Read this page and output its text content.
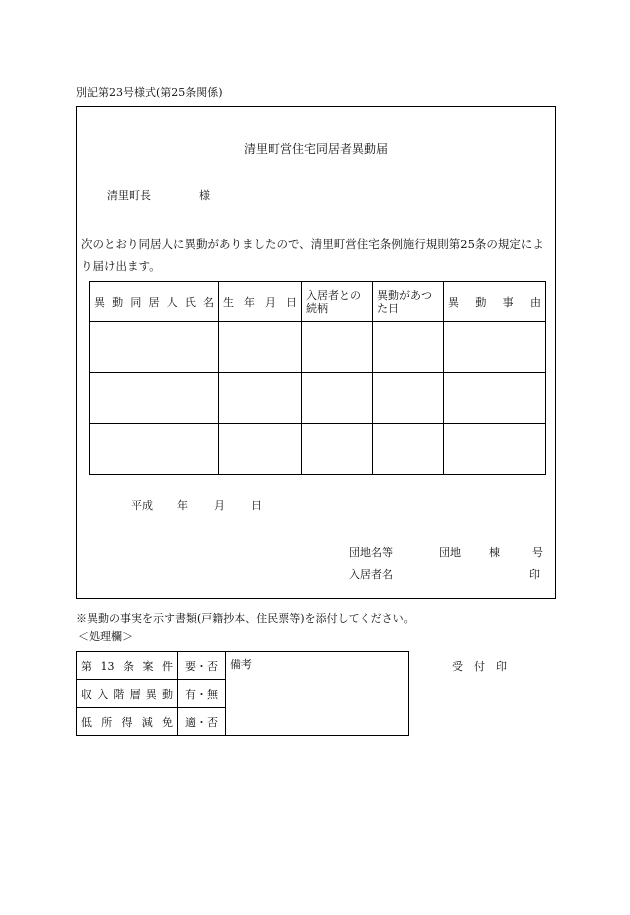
別記第23号様式(第25条関係)
清里町営住宅同居者異動届
清里町長	様
次のとおり同居人に異動がありましたので、清里町営住宅条例施行規則第25条の規定により届け出ます。
異動同居人氏名	生年月日	入居者との続柄	異動があつた日	異動事由

平成 年 月 日
団地名等	団地	棟	号
入居者名	印
※異動の事実を示す書類(戸籍抄本、住民票等)を添付してください。
＜処理欄＞
第13条案件	要・否	備考
収入階層異動	有・無	
低所得減免	適・否	
受　付　印
